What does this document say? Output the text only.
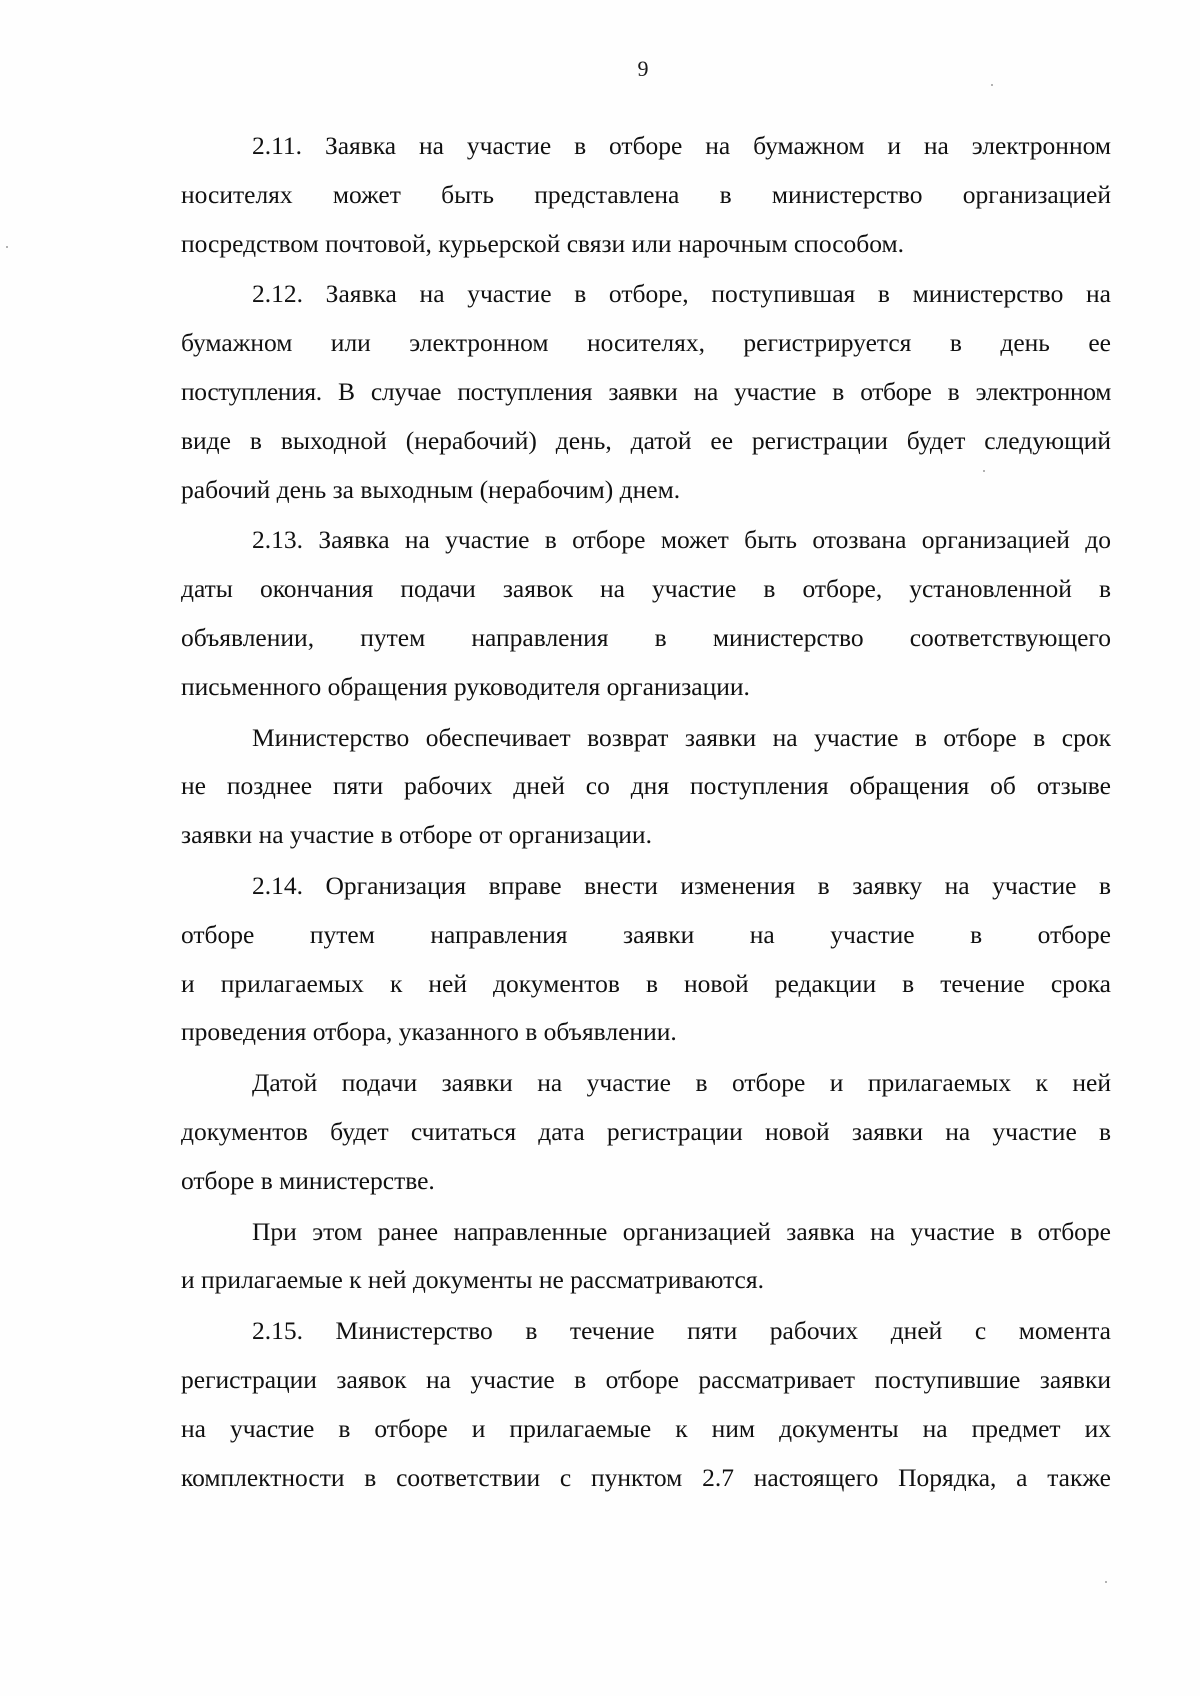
9

2.11. Заявка на участие в отборе на бумажном и на электронном
носителях может быть представлена в министерство организацией
посредством почтовой, курьерской связи или нарочным способом.

2.12. Заявка на участие в отборе, поступившая в министерство на
бумажном или электронном носителях, регистрируется в день ее
поступления. В случае поступления заявки на участие в отборе в электронном
виде в выходной (нерабочий) день, датой ее регистрации будет следующий
рабочий день за выходным (нерабочим) днем.

2.13. Заявка на участие в отборе может быть отозвана организацией до
даты окончания подачи заявок на участие в отборе, установленной в
объявлении, путем направления в министерство соответствующего
письменного обращения руководителя организации.

Министерство обеспечивает возврат заявки на участие в отборе в срок
не позднее пяти рабочих дней со дня поступления обращения об отзыве
заявки на участие в отборе от организации.

2.14. Организация вправе внести изменения в заявку на участие в
отборе путем направления заявки на участие в отборе
и прилагаемых к ней документов в новой редакции в течение срока
проведения отбора, указанного в объявлении.

Датой подачи заявки на участие в отборе и прилагаемых к ней
документов будет считаться дата регистрации новой заявки на участие в
отборе в министерстве.

При этом ранее направленные организацией заявка на участие в отборе
и прилагаемые к ней документы не рассматриваются.

2.15. Министерство в течение пяти рабочих дней с момента
регистрации заявок на участие в отборе рассматривает поступившие заявки
на участие в отборе и прилагаемые к ним документы на предмет их
комплектности в соответствии с пунктом 2.7 настоящего Порядка, а также
